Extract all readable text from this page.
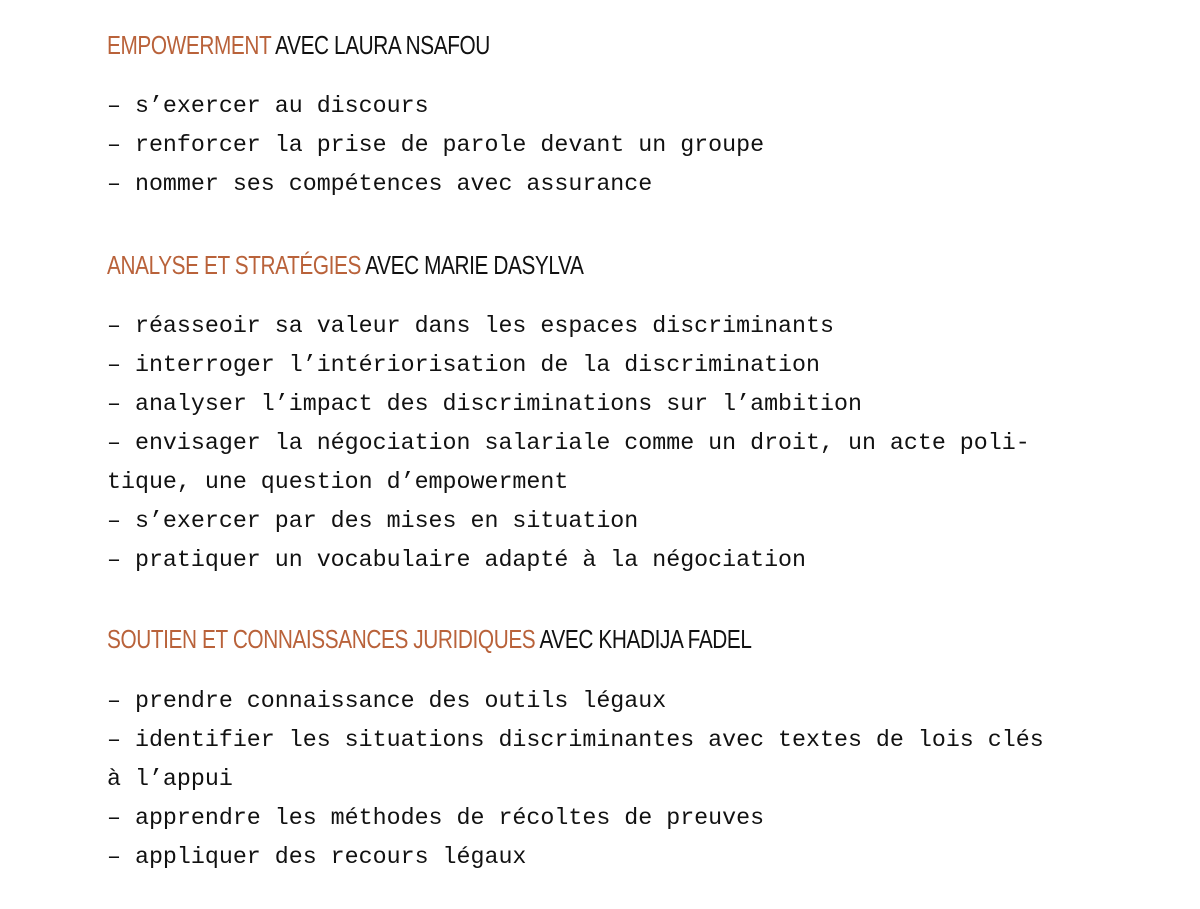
EMPOWERMENT AVEC LAURA NSAFOU
– s’exercer au discours
– renforcer la prise de parole devant un groupe
– nommer ses compétences avec assurance
ANALYSE ET STRATÉGIES AVEC MARIE DASYLVA
– réasseoir sa valeur dans les espaces discriminants
– interroger l’intériorisation de la discrimination
– analyser l’impact des discriminations sur l’ambition
– envisager la négociation salariale comme un droit, un acte poli-
tique, une question d’empowerment
– s’exercer par des mises en situation
– pratiquer un vocabulaire adapté à la négociation
SOUTIEN ET CONNAISSANCES JURIDIQUES AVEC KHADIJA FADEL
– prendre connaissance des outils légaux
– identifier les situations discriminantes avec textes de lois clés
à l’appui
– apprendre les méthodes de récoltes de preuves
– appliquer des recours légaux
